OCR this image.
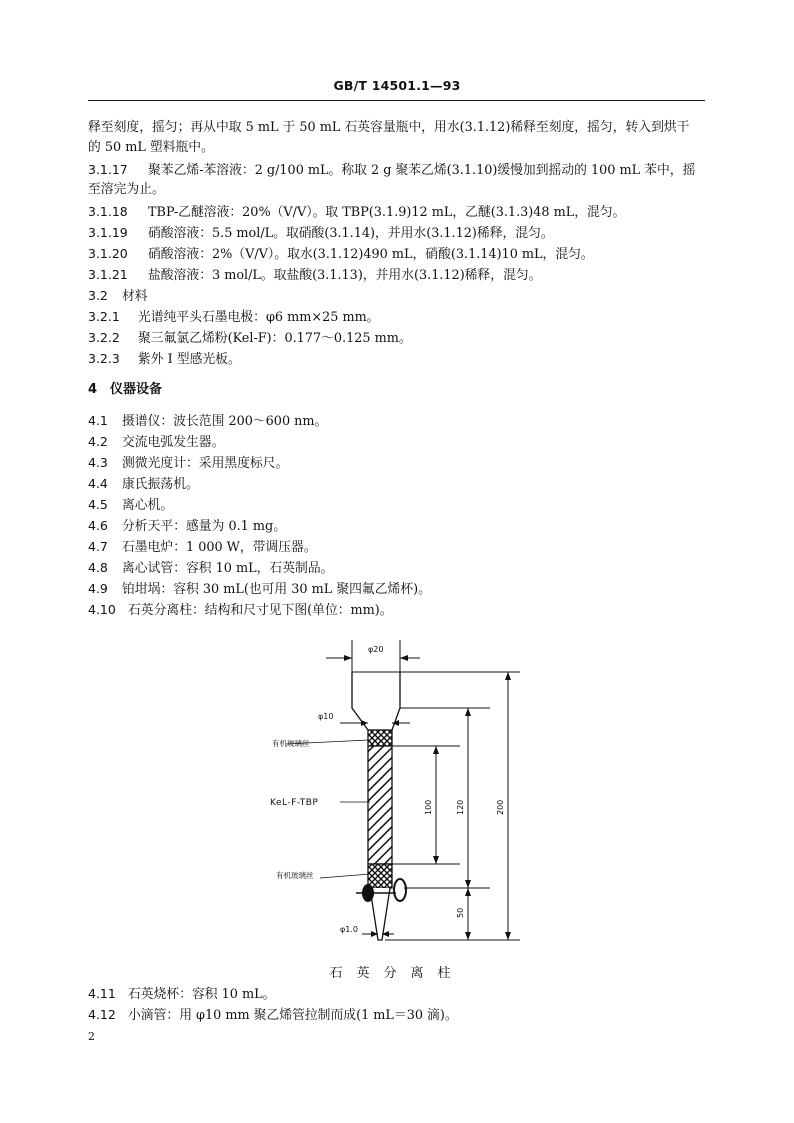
GB/T 14501.1—93
释至刻度，摇匀；再从中取 5 mL 于 50 mL 石英容量瓶中，用水(3.1.12)稀释至刻度，摇匀，转入到烘干
的 50 mL 塑料瓶中。
3.1.17 聚苯乙烯-苯溶液：2 g/100 mL。称取 2 g 聚苯乙烯(3.1.10)缓慢加到摇动的 100 mL 苯中，摇
至溶完为止。
3.1.18 TBP-乙醚溶液：20%（V/V）。取 TBP(3.1.9)12 mL，乙醚(3.1.3)48 mL，混匀。
3.1.19 硝酸溶液：5.5 mol/L。取硝酸(3.1.14)，并用水(3.1.12)稀释，混匀。
3.1.20 硝酸溶液：2%（V/V）。取水(3.1.12)490 mL，硝酸(3.1.14)10 mL，混匀。
3.1.21 盐酸溶液：3 mol/L。取盐酸(3.1.13)，并用水(3.1.12)稀释，混匀。
3.2 材料
3.2.1 光谱纯平头石墨电极：φ6 mm×25 mm。
3.2.2 聚三氟氯乙烯粉(Kel-F)：0.177～0.125 mm。
3.2.3 紫外 I 型感光板。
4 仪器设备
4.1 摄谱仪：波长范围 200～600 nm。
4.2 交流电弧发生器。
4.3 测微光度计：采用黑度标尺。
4.4 康氏振荡机。
4.5 离心机。
4.6 分析天平：感量为 0.1 mg。
4.7 石墨电炉：1 000 W，带调压器。
4.8 离心试管：容积 10 mL，石英制品。
4.9 铂坩埚：容积 30 mL(也可用 30 mL 聚四氟乙烯杯)。
4.10 石英分离柱：结构和尺寸见下图(单位：mm)。
φ20
φ10
有机玻璃丝
KeL-F-TBP
有机玻璃丝
φ1.0
100	120	200
50
石英分离柱
4.11 石英烧杯：容积 10 mL。
4.12 小滴管：用 φ10 mm 聚乙烯管拉制而成(1 mL＝30 滴)。
2
